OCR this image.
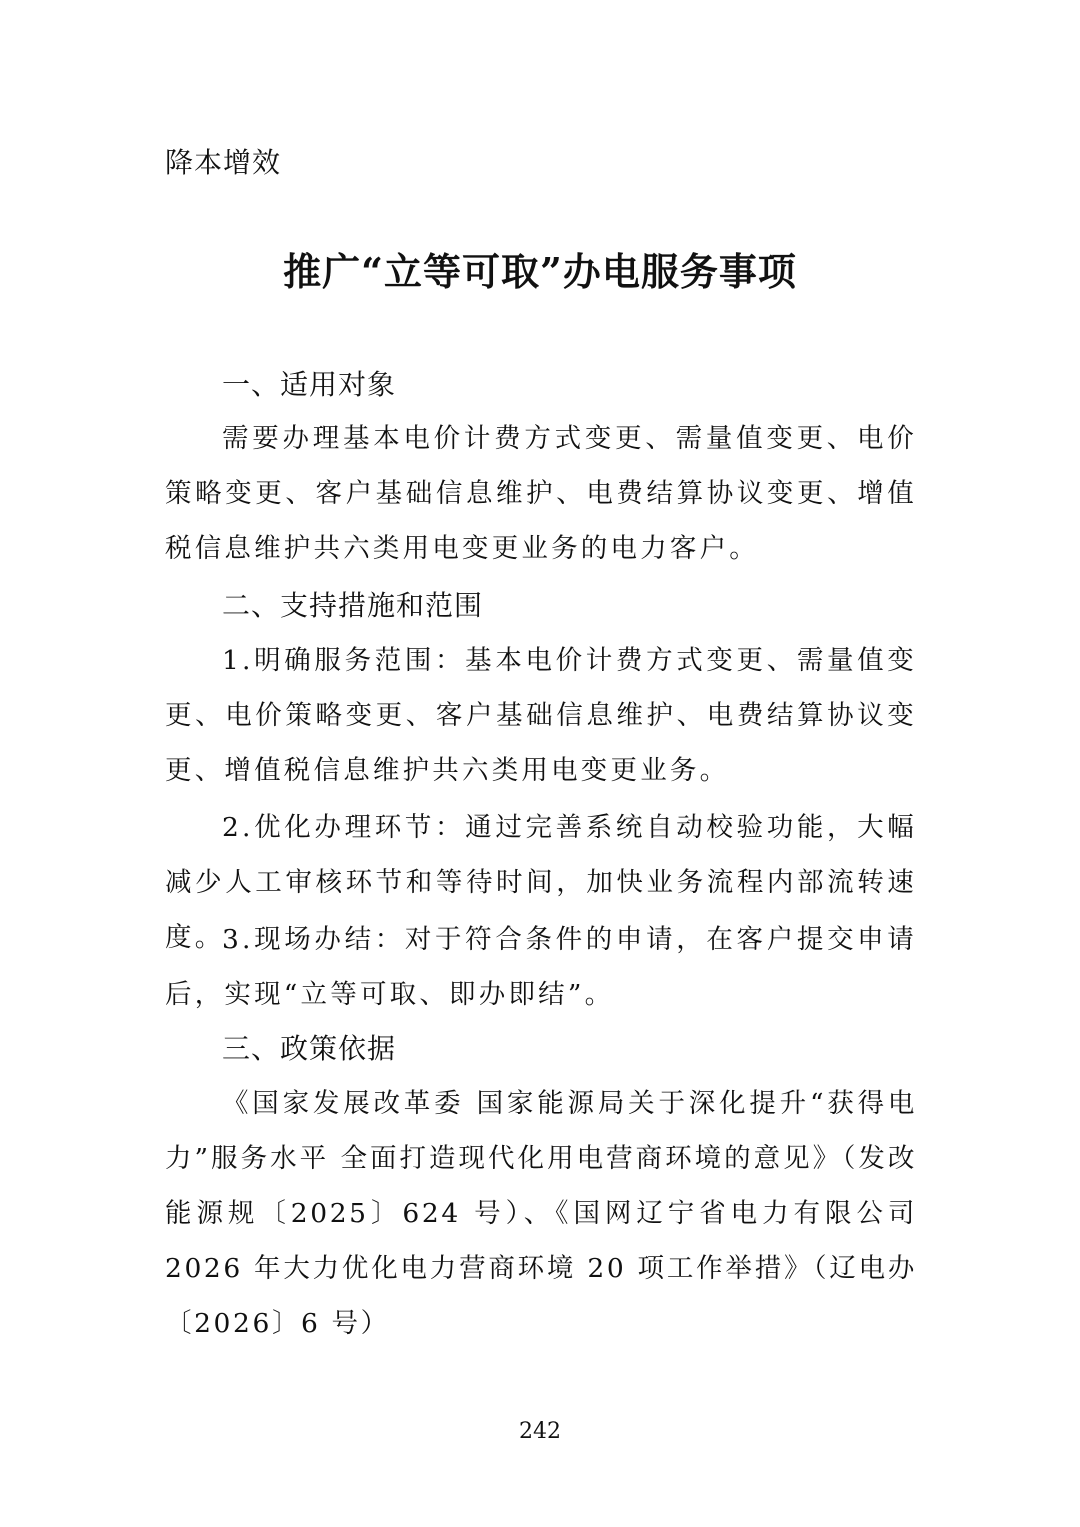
降本增效
推广“立等可取”办电服务事项
一、适用对象
需要办理基本电价计费方式变更、需量值变更、电价策略变更、客户基础信息维护、电费结算协议变更、增值税信息维护共六类用电变更业务的电力客户。
二、支持措施和范围
1.明确服务范围：基本电价计费方式变更、需量值变更、电价策略变更、客户基础信息维护、电费结算协议变更、增值税信息维护共六类用电变更业务。
2.优化办理环节：通过完善系统自动校验功能，大幅减少人工审核环节和等待时间，加快业务流程内部流转速度。
3.现场办结：对于符合条件的申请，在客户提交申请后，实现“立等可取、即办即结”。
三、政策依据
《国家发展改革委 国家能源局关于深化提升“获得电力”服务水平 全面打造现代化用电营商环境的意见》（发改能源规〔2025〕624 号）、《国网辽宁省电力有限公司 2026 年大力优化电力营商环境 20 项工作举措》（辽电办〔2026〕6 号）
242
